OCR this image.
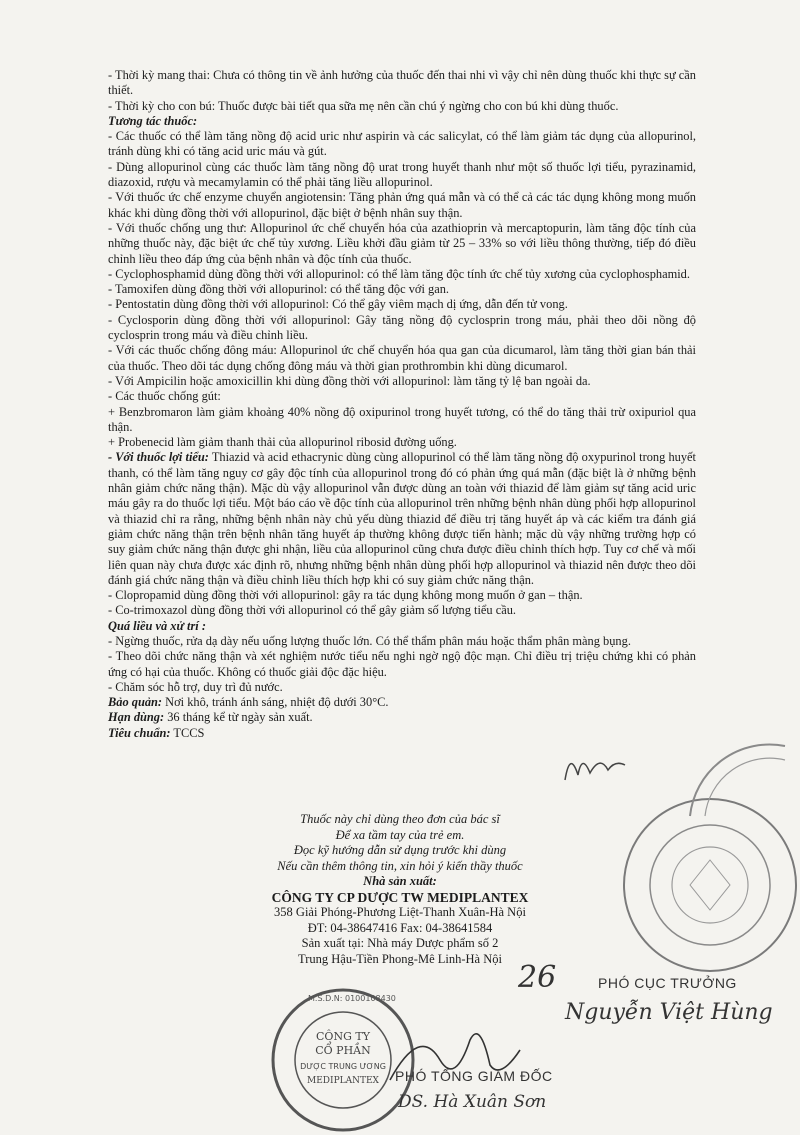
- Thời kỳ mang thai: Chưa có thông tin về ảnh hưởng của thuốc đến thai nhi vì vậy chỉ nên dùng thuốc khi thực sự cần thiết.

- Thời kỳ cho con bú: Thuốc được bài tiết qua sữa mẹ nên cần chú ý ngừng cho con bú khi dùng thuốc.

Tương tác thuốc:

- Các thuốc có thể làm tăng nồng độ acid uric như aspirin và các salicylat, có thể làm giảm tác dụng của allopurinol, tránh dùng khi có tăng acid uric máu và gút.

- Dùng allopurinol cùng các thuốc làm tăng nồng độ urat trong huyết thanh như một số thuốc lợi tiểu, pyrazinamid, diazoxid, rượu và mecamylamin có thể phải tăng liều allopurinol.

- Với thuốc ức chế enzyme chuyển angiotensin: Tăng phản ứng quá mẫn và có thể cả các tác dụng không mong muốn khác khi dùng đồng thời với allopurinol, đặc biệt ở bệnh nhân suy thận.

- Với thuốc chống ung thư: Allopurinol ức chế chuyển hóa của azathioprin và mercaptopurin, làm tăng độc tính của những thuốc này, đặc biệt ức chế tủy xương. Liều khởi đầu giảm từ 25 – 33% so với liều thông thường, tiếp đó điều chỉnh liều theo đáp ứng của bệnh nhân và độc tính của thuốc.

- Cyclophosphamid dùng đồng thời với allopurinol: có thể làm tăng độc tính ức chế tủy xương của cyclophosphamid.

- Tamoxifen dùng đồng thời với allopurinol: có thể tăng độc với gan.

- Pentostatin dùng đồng thời với allopurinol: Có thể gây viêm mạch dị ứng, dẫn đến tử vong.

- Cyclosporin dùng đồng thời với allopurinol: Gây tăng nồng độ cyclosprin trong máu, phải theo dõi nồng độ cyclosprin trong máu và điều chỉnh liều.

- Với các thuốc chống đông máu: Allopurinol ức chế chuyển hóa qua gan của dicumarol, làm tăng thời gian bán thải của thuốc. Theo dõi tác dụng chống đông máu và thời gian prothrombin khi dùng dicumarol.

- Với Ampicilin hoặc amoxicillin khi dùng đồng thời với allopurinol: làm tăng tỷ lệ ban ngoài da.

- Các thuốc chống gút:

+ Benzbromaron làm giảm khoảng 40% nồng độ oxipurinol trong huyết tương, có thể do tăng thải trừ oxipuriol qua thận.

+ Probenecid làm giảm thanh thải của allopurinol ribosid đường uống.

- Với thuốc lợi tiểu: Thiazid và acid ethacrynic dùng cùng allopurinol có thể làm tăng nồng độ oxypurinol trong huyết thanh, có thể làm tăng nguy cơ gây độc tính của allopurinol trong đó có phản ứng quá mẫn (đặc biệt là ở những bệnh nhân giảm chức năng thận). Mặc dù vậy allopurinol vẫn được dùng an toàn với thiazid để làm giảm sự tăng acid uric máu gây ra do thuốc lợi tiểu. Một báo cáo về độc tính của allopurinol trên những bệnh nhân dùng phối hợp allopurinol và thiazid chỉ ra rằng, những bệnh nhân này chủ yếu dùng thiazid để điều trị tăng huyết áp và các kiểm tra đánh giá giảm chức năng thận trên bệnh nhân tăng huyết áp thường không được tiến hành; mặc dù vậy những trường hợp có suy giảm chức năng thận được ghi nhận, liều của allopurinol cũng chưa được điều chỉnh thích hợp. Tuy cơ chế và mối liên quan này chưa được xác định rõ, nhưng những bệnh nhân dùng phối hợp allopurinol và thiazid nên được theo dõi đánh giá chức năng thận và điều chỉnh liều thích hợp khi có suy giảm chức năng thận.

- Clopropamid dùng đồng thời với allopurinol: gây ra tác dụng không mong muốn ở gan – thận.

- Co-trimoxazol dùng đồng thời với allopurinol có thể gây giảm số lượng tiểu cầu.

Quá liều và xử trí :

- Ngừng thuốc, rửa dạ dày nếu uống lượng thuốc lớn. Có thể thẩm phân máu hoặc thẩm phân màng bụng.

- Theo dõi chức năng thận và xét nghiệm nước tiểu nếu nghi ngờ ngộ độc mạn. Chỉ điều trị triệu chứng khi có phản ứng có hại của thuốc. Không có thuốc giải độc đặc hiệu.

- Chăm sóc hỗ trợ, duy trì đủ nước.

Bảo quản: Nơi khô, tránh ánh sáng, nhiệt độ dưới 30°C.

Hạn dùng: 36 tháng kể từ ngày sản xuất.

Tiêu chuẩn: TCCS

Thuốc này chỉ dùng theo đơn của bác sĩ
Để xa tầm tay của trẻ em.
Đọc kỹ hướng dẫn sử dụng trước khi dùng
Nếu cần thêm thông tin, xin hỏi ý kiến thầy thuốc
Nhà sản xuất:
CÔNG TY CP DƯỢC TW MEDIPLANTEX
358 Giải Phóng-Phương Liệt-Thanh Xuân-Hà Nội
ĐT: 04-38647416 Fax: 04-38641584
Sản xuất tại: Nhà máy Dược phẩm số 2
Trung Hậu-Tiền Phong-Mê Linh-Hà Nội
CÔNG TY
CỔ PHẦN
DƯỢC TRUNG ƯƠNG
MEDIPLANTEX
M.S.D.N: 0100108430
26	PHÓ CỤC TRƯỞNG
Nguyễn Việt Hùng
PHÓ TỔNG GIÁM ĐỐC
DS. Hà Xuân Sơn
